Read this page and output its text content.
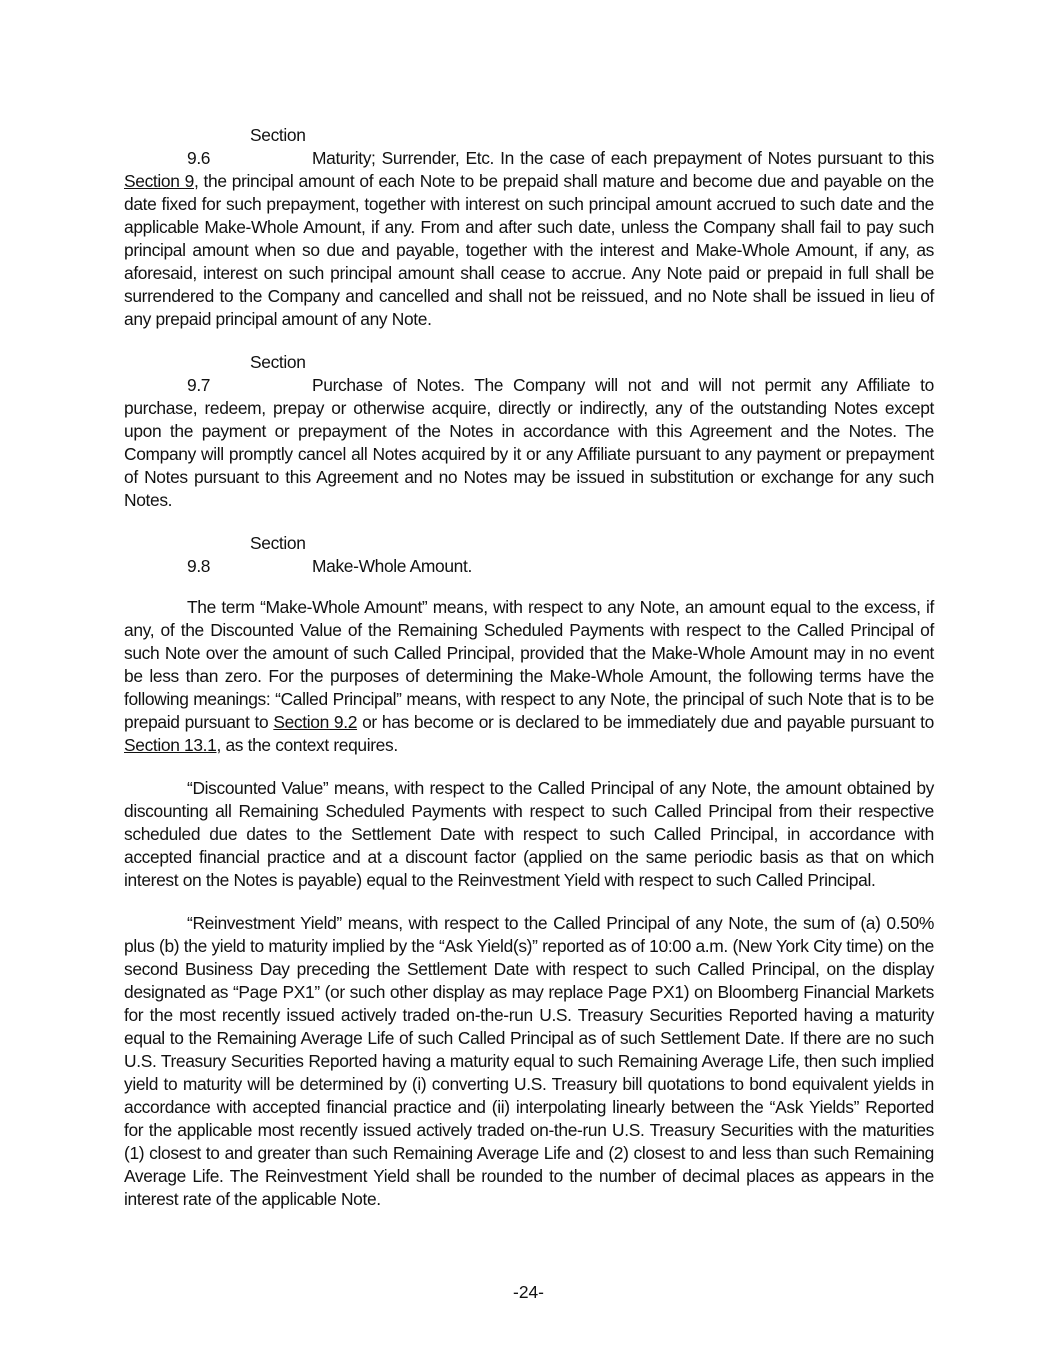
Section 9.6	Maturity; Surrender, Etc. In the case of each prepayment of Notes pursuant to this Section 9, the principal amount of each Note to be prepaid shall mature and become due and payable on the date fixed for such prepayment, together with interest on such principal amount accrued to such date and the applicable Make-Whole Amount, if any. From and after such date, unless the Company shall fail to pay such principal amount when so due and payable, together with the interest and Make-Whole Amount, if any, as aforesaid, interest on such principal amount shall cease to accrue. Any Note paid or prepaid in full shall be surrendered to the Company and cancelled and shall not be reissued, and no Note shall be issued in lieu of any prepaid principal amount of any Note.

Section 9.7	Purchase of Notes. The Company will not and will not permit any Affiliate to purchase, redeem, prepay or otherwise acquire, directly or indirectly, any of the outstanding Notes except upon the payment or prepayment of the Notes in accordance with this Agreement and the Notes. The Company will promptly cancel all Notes acquired by it or any Affiliate pursuant to any payment or prepayment of Notes pursuant to this Agreement and no Notes may be issued in substitution or exchange for any such Notes.

Section 9.8	Make-Whole Amount.

The term “Make-Whole Amount” means, with respect to any Note, an amount equal to the excess, if any, of the Discounted Value of the Remaining Scheduled Payments with respect to the Called Principal of such Note over the amount of such Called Principal, provided that the Make-Whole Amount may in no event be less than zero. For the purposes of determining the Make-Whole Amount, the following terms have the following meanings: “Called Principal” means, with respect to any Note, the principal of such Note that is to be prepaid pursuant to Section 9.2 or has become or is declared to be immediately due and payable pursuant to Section 13.1, as the context requires.

“Discounted Value” means, with respect to the Called Principal of any Note, the amount obtained by discounting all Remaining Scheduled Payments with respect to such Called Principal from their respective scheduled due dates to the Settlement Date with respect to such Called Principal, in accordance with accepted financial practice and at a discount factor (applied on the same periodic basis as that on which interest on the Notes is payable) equal to the Reinvestment Yield with respect to such Called Principal.

“Reinvestment Yield” means, with respect to the Called Principal of any Note, the sum of (a) 0.50% plus (b) the yield to maturity implied by the “Ask Yield(s)” reported as of 10:00 a.m. (New York City time) on the second Business Day preceding the Settlement Date with respect to such Called Principal, on the display designated as “Page PX1” (or such other display as may replace Page PX1) on Bloomberg Financial Markets for the most recently issued actively traded on-the-run U.S. Treasury Securities Reported having a maturity equal to the Remaining Average Life of such Called Principal as of such Settlement Date. If there are no such U.S. Treasury Securities Reported having a maturity equal to such Remaining Average Life, then such implied yield to maturity will be determined by (i) converting U.S. Treasury bill quotations to bond equivalent yields in accordance with accepted financial practice and (ii) interpolating linearly between the “Ask Yields” Reported for the applicable most recently issued actively traded on-the-run U.S. Treasury Securities with the maturities (1) closest to and greater than such Remaining Average Life and (2) closest to and less than such Remaining Average Life. The Reinvestment Yield shall be rounded to the number of decimal places as appears in the interest rate of the applicable Note.

-24-
